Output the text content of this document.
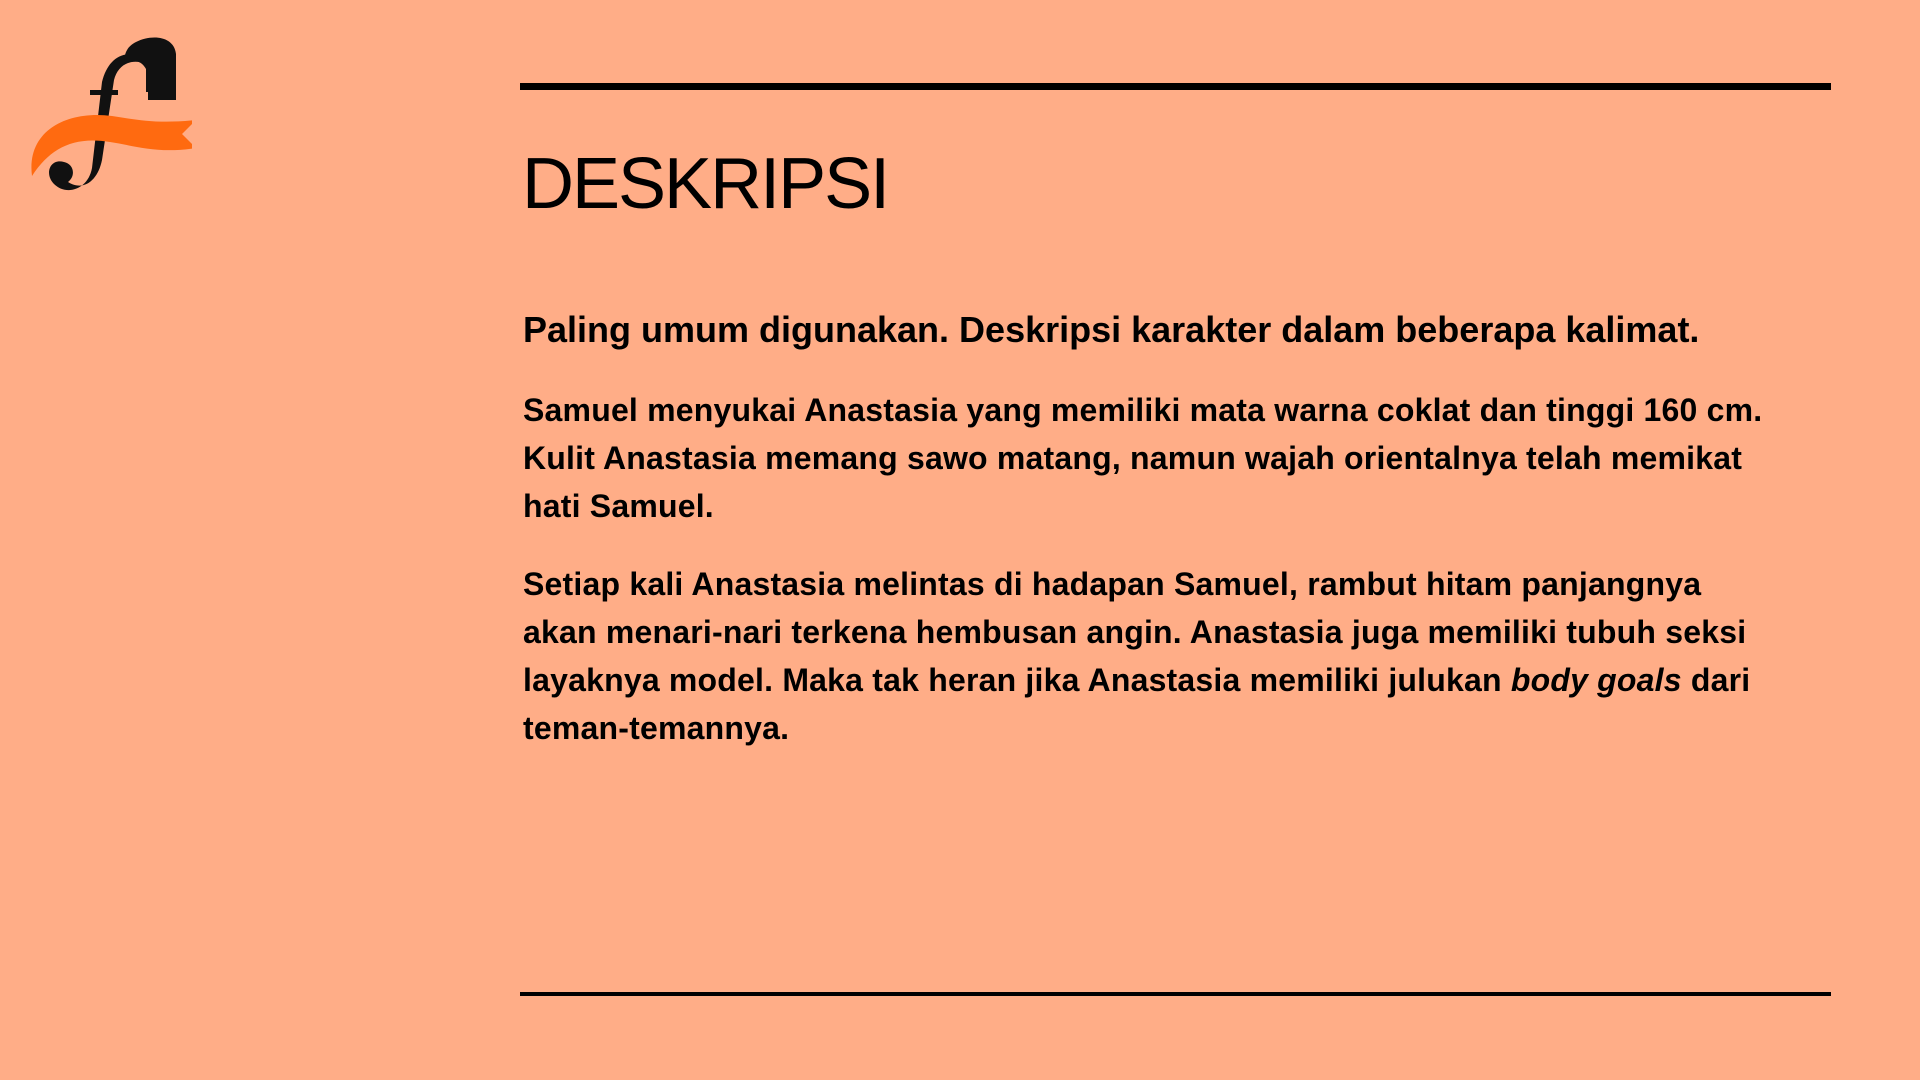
DESKRIPSI

Paling umum digunakan. Deskripsi karakter dalam beberapa kalimat.

Samuel menyukai Anastasia yang memiliki mata warna coklat dan tinggi 160 cm. Kulit Anastasia memang sawo matang, namun wajah orientalnya telah memikat hati Samuel.

Setiap kali Anastasia melintas di hadapan Samuel, rambut hitam panjangnya akan menari-nari terkena hembusan angin. Anastasia juga memiliki tubuh seksi layaknya model. Maka tak heran jika Anastasia memiliki julukan body goals dari teman-temannya.
